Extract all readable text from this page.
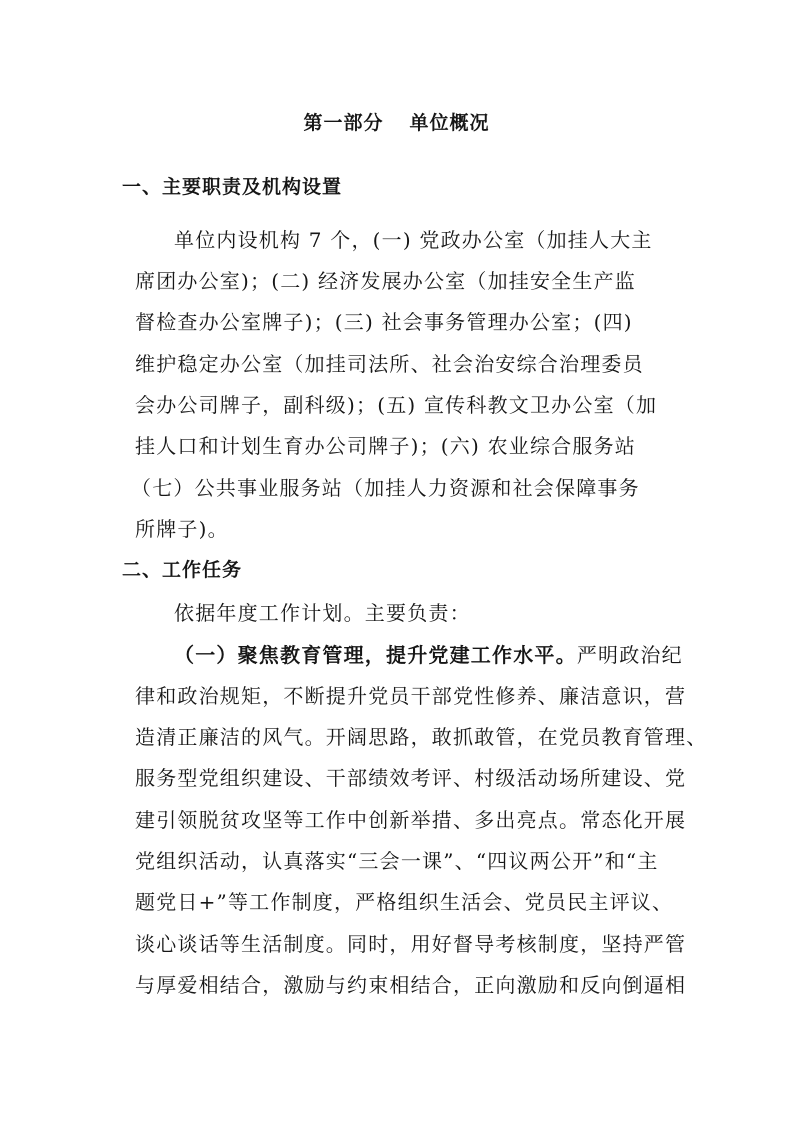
第一部分 单位概况
一、主要职责及机构设置
单位内设机构 7 个，(一) 党政办公室（加挂人大主
席团办公室)；(二) 经济发展办公室（加挂安全生产监
督检查办公室牌子)；(三) 社会事务管理办公室；(四)
维护稳定办公室（加挂司法所、社会治安综合治理委员
会办公司牌子，副科级)；(五) 宣传科教文卫办公室（加
挂人口和计划生育办公司牌子)；(六) 农业综合服务站
（七）公共事业服务站（加挂人力资源和社会保障事务
所牌子)。
二、工作任务
依据年度工作计划。主要负责：
（一）聚焦教育管理，提升党建工作水平。严明政治纪
律和政治规矩，不断提升党员干部党性修养、廉洁意识，营
造清正廉洁的风气。开阔思路，敢抓敢管，在党员教育管理、
服务型党组织建设、干部绩效考评、村级活动场所建设、党
建引领脱贫攻坚等工作中创新举措、多出亮点。常态化开展
党组织活动，认真落实“三会一课”、“四议两公开”和“主
题党日+”等工作制度，严格组织生活会、党员民主评议、
谈心谈话等生活制度。同时，用好督导考核制度，坚持严管
与厚爱相结合，激励与约束相结合，正向激励和反向倒逼相
